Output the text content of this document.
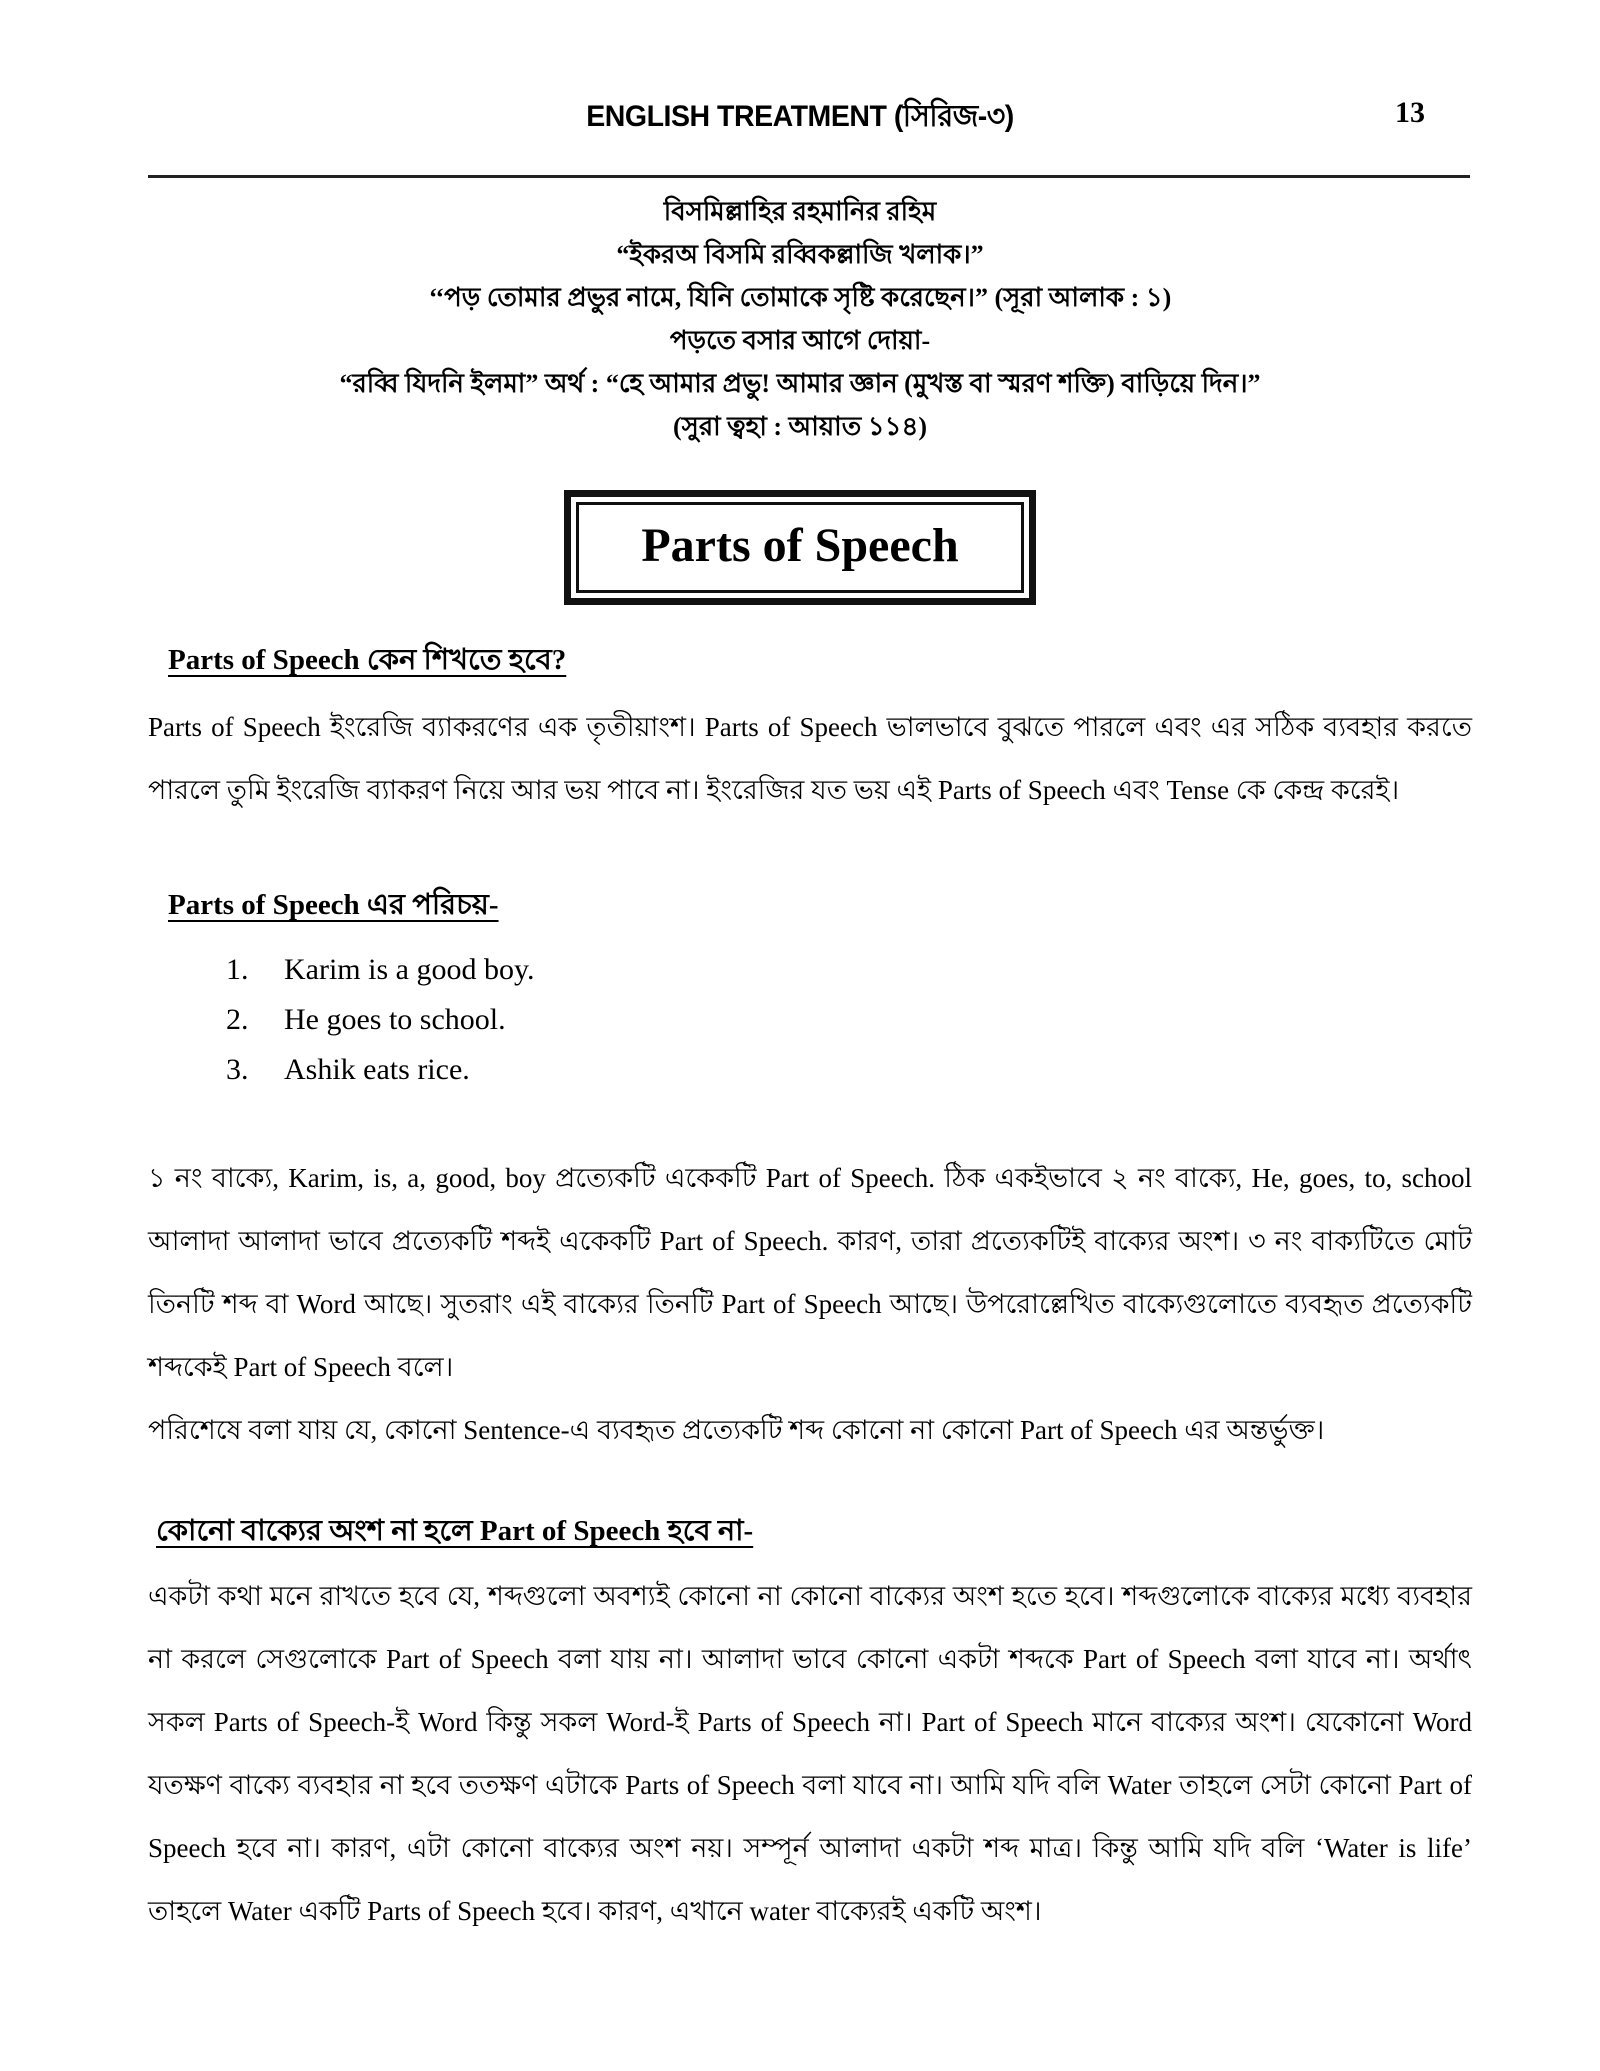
ENGLISH TREATMENT (সিরিজ-৩)	13
বিসমিল্লাহির রহমানির রহিম
“ইকরঅ বিসমি রব্বিকল্লাজি খলাক।”
‘‘পড় তোমার প্রভুর নামে, যিনি তোমাকে সৃষ্টি করেছেন।” (সূরা আলাক : ১)
পড়তে বসার আগে দোয়া-
“রব্বি যিদনি ইলমা” অর্থ : “হে আমার প্রভু! আমার জ্ঞান (মুখস্ত বা স্মরণ শক্তি) বাড়িয়ে দিন।”
(সুরা ত্বহা : আয়াত ১১৪)
Parts of Speech
Parts of Speech কেন শিখতে হবে?

Parts of Speech ইংরেজি ব্যাকরণের এক তৃতীয়াংশ। Parts of Speech ভালভাবে বুঝতে পারলে এবং এর সঠিক ব্যবহার করতে পারলে তুমি ইংরেজি ব্যাকরণ নিয়ে আর ভয় পাবে না। ইংরেজির যত ভয় এই Parts of Speech এবং Tense কে কেন্দ্র করেই।

Parts of Speech এর পরিচয়-
1. Karim is a good boy.
2. He goes to school.
3. Ashik eats rice.

১ নং বাক্যে, Karim, is, a, good, boy প্রত্যেকটি একেকটি Part of Speech. ঠিক একইভাবে ২ নং বাক্যে, He, goes, to, school আলাদা আলাদা ভাবে প্রত্যেকটি শব্দই একেকটি Part of Speech. কারণ, তারা প্রত্যেকটিই বাক্যের অংশ। ৩ নং বাক্যটিতে মোট তিনটি শব্দ বা Word আছে। সুতরাং এই বাক্যের তিনটি Part of Speech আছে। উপরোল্লেখিত বাক্যেগুলোতে ব্যবহৃত প্রত্যেকটি শব্দকেই Part of Speech বলে।

পরিশেষে বলা যায় যে, কোনো Sentence-এ ব্যবহৃত প্রত্যেকটি শব্দ কোনো না কোনো Part of Speech এর অন্তর্ভুক্ত।

কোনো বাক্যের অংশ না হলে Part of Speech হবে না-

একটা কথা মনে রাখতে হবে যে, শব্দগুলো অবশ্যই কোনো না কোনো বাক্যের অংশ হতে হবে। শব্দগুলোকে বাক্যের মধ্যে ব্যবহার না করলে সেগুলোকে Part of Speech বলা যায় না। আলাদা ভাবে কোনো একটা শব্দকে Part of Speech বলা যাবে না। অর্থাৎ সকল Parts of Speech-ই Word কিন্তু সকল Word-ই Parts of Speech না। Part of Speech মানে বাক্যের অংশ। যেকোনো Word যতক্ষণ বাক্যে ব্যবহার না হবে ততক্ষণ এটাকে Parts of Speech বলা যাবে না। আমি যদি বলি Water তাহলে সেটা কোনো Part of Speech হবে না। কারণ, এটা কোনো বাক্যের অংশ নয়। সম্পূর্ন আলাদা একটা শব্দ মাত্র। কিন্তু আমি যদি বলি ‘Water is life’ তাহলে Water একটি Parts of Speech হবে। কারণ, এখানে water বাক্যেরই একটি অংশ।
